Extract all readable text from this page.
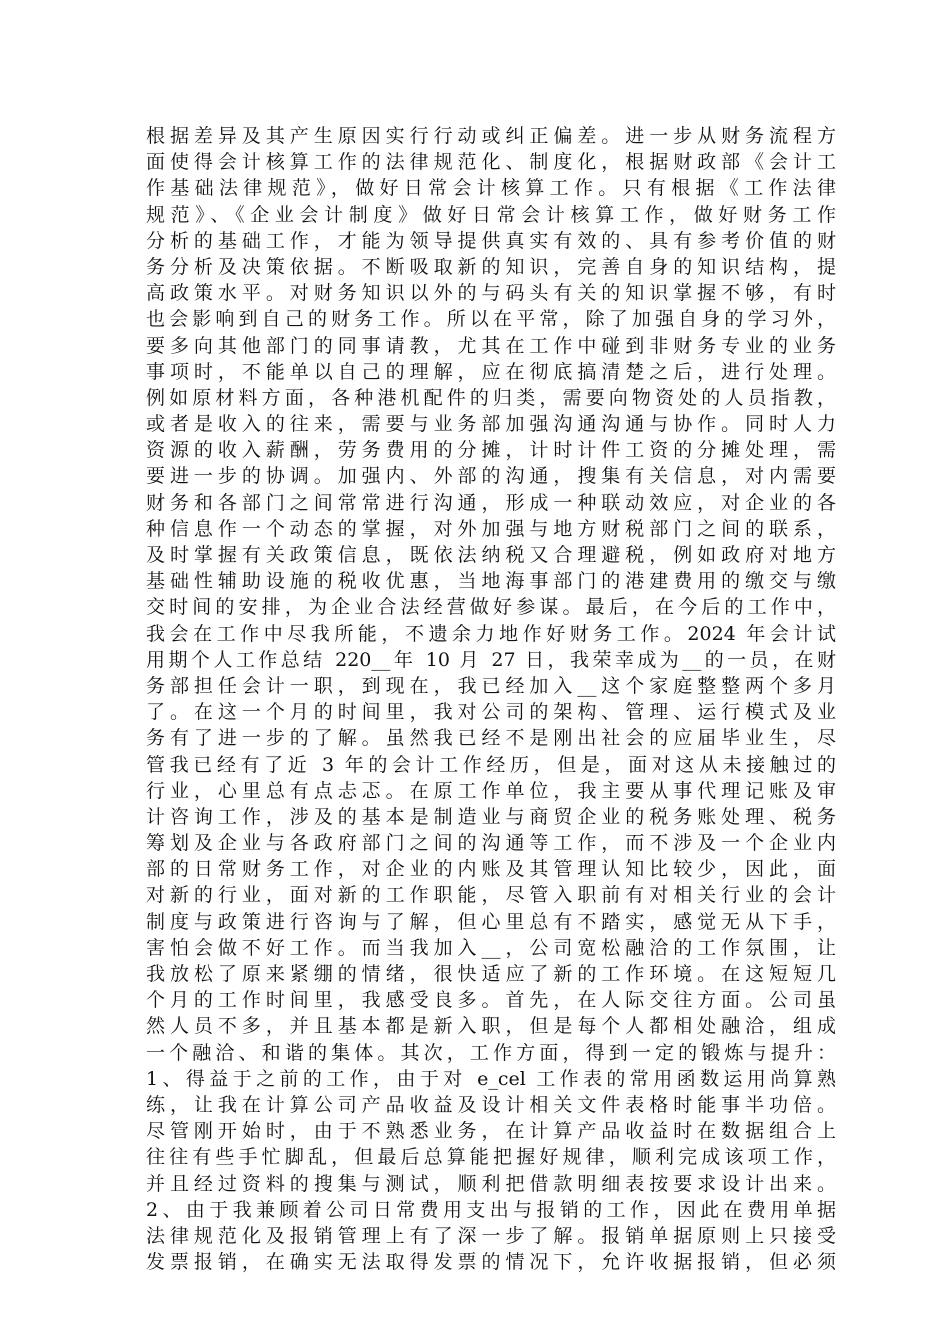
根据差异及其产生原因实行行动或纠正偏差。进一步从财务流程方
面使得会计核算工作的法律规范化、制度化，根据财政部《会计工
作基础法律规范》，做好日常会计核算工作。只有根据《工作法律
规范》、《企业会计制度》做好日常会计核算工作，做好财务工作
分析的基础工作，才能为领导提供真实有效的、具有参考价值的财
务分析及决策依据。不断吸取新的知识，完善自身的知识结构，提
高政策水平。对财务知识以外的与码头有关的知识掌握不够，有时
也会影响到自己的财务工作。所以在平常，除了加强自身的学习外，
要多向其他部门的同事请教，尤其在工作中碰到非财务专业的业务
事项时，不能单以自己的理解，应在彻底搞清楚之后，进行处理。
例如原材料方面，各种港机配件的归类，需要向物资处的人员指教，
或者是收入的往来，需要与业务部加强沟通沟通与协作。同时人力
资源的收入薪酬，劳务费用的分摊，计时计件工资的分摊处理，需
要进一步的协调。加强内、外部的沟通，搜集有关信息，对内需要
财务和各部门之间常常进行沟通，形成一种联动效应，对企业的各
种信息作一个动态的掌握，对外加强与地方财税部门之间的联系，
及时掌握有关政策信息，既依法纳税又合理避税，例如政府对地方
基础性辅助设施的税收优惠，当地海事部门的港建费用的缴交与缴
交时间的安排，为企业合法经营做好参谋。最后，在今后的工作中，
我会在工作中尽我所能，不遗余力地作好财务工作。2024 年会计试
用期个人工作总结 220__年 10 月 27 日，我荣幸成为__的一员，在财
务部担任会计一职，到现在，我已经加入__这个家庭整整两个多月
了。在这一个月的时间里，我对公司的架构、管理、运行模式及业
务有了进一步的了解。虽然我已经不是刚出社会的应届毕业生，尽
管我已经有了近 3 年的会计工作经历，但是，面对这从未接触过的
行业，心里总有点忐忑。在原工作单位，我主要从事代理记账及审
计咨询工作，涉及的基本是制造业与商贸企业的税务账处理、税务
筹划及企业与各政府部门之间的沟通等工作，而不涉及一个企业内
部的日常财务工作，对企业的内账及其管理认知比较少，因此，面
对新的行业，面对新的工作职能，尽管入职前有对相关行业的会计
制度与政策进行咨询与了解，但心里总有不踏实，感觉无从下手，
害怕会做不好工作。而当我加入__，公司宽松融洽的工作氛围，让
我放松了原来紧绷的情绪，很快适应了新的工作环境。在这短短几
个月的工作时间里，我感受良多。首先，在人际交往方面。公司虽
然人员不多，并且基本都是新入职，但是每个人都相处融洽，组成
一个融洽、和谐的集体。其次，工作方面，得到一定的锻炼与提升：
1、得益于之前的工作，由于对 e_cel 工作表的常用函数运用尚算熟
练，让我在计算公司产品收益及设计相关文件表格时能事半功倍。
尽管刚开始时，由于不熟悉业务，在计算产品收益时在数据组合上
往往有些手忙脚乱，但最后总算能把握好规律，顺利完成该项工作，
并且经过资料的搜集与测试，顺利把借款明细表按要求设计出来。
2、由于我兼顾着公司日常费用支出与报销的工作，因此在费用单据
法律规范化及报销管理上有了深一步了解。报销单据原则上只接受
发票报销，在确实无法取得发票的情况下，允许收据报销，但必须
